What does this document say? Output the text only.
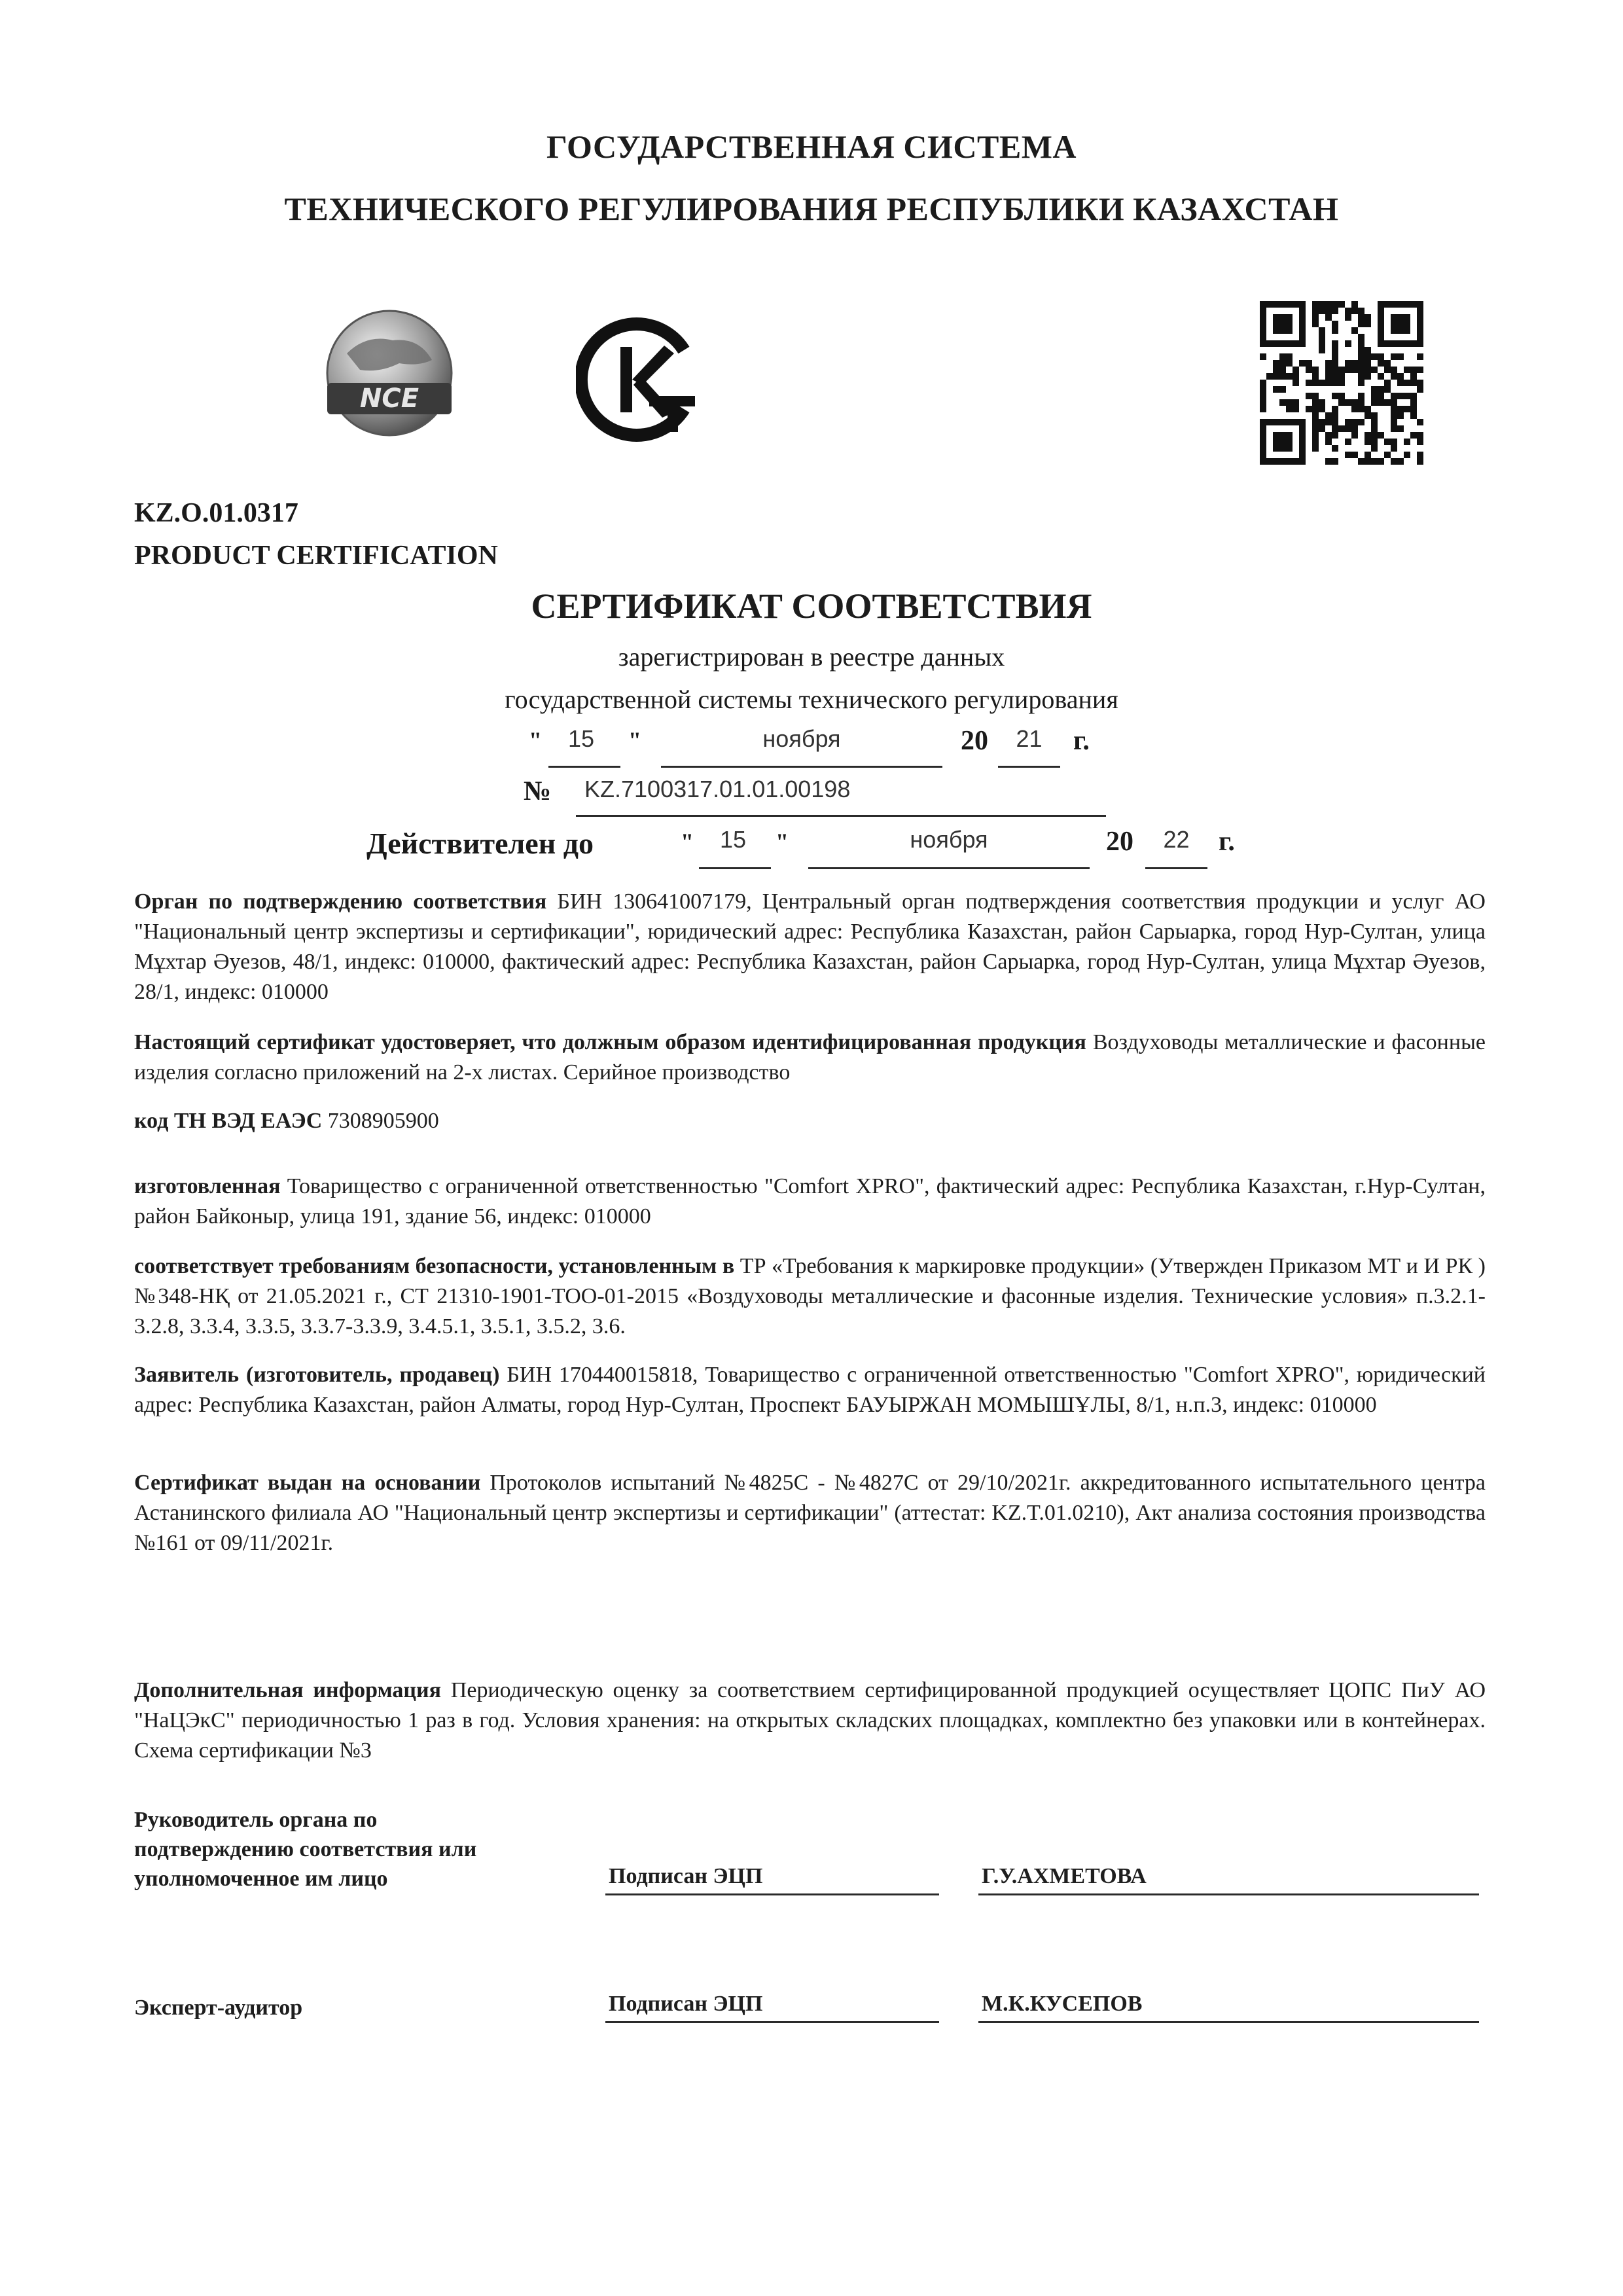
ГОСУДАРСТВЕННАЯ СИСТЕМА
ТЕХНИЧЕСКОГО РЕГУЛИРОВАНИЯ РЕСПУБЛИКИ КАЗАХСТАН
NCE
KZ.O.01.0317
PRODUCT CERTIFICATION
СЕРТИФИКАТ СООТВЕТСТВИЯ
зарегистрирован в реестре данных
государственной системы технического регулирования
"	15	"	ноября	20	21	г.
№ KZ.7100317.01.01.00198
Действителен до	"	15	"	ноября	20	22	г.
Орган по подтверждению соответствия БИН 130641007179, Центральный орган подтверждения соответствия продукции и услуг АО "Национальный центр экспертизы и сертификации", юридический адрес: Республика Казахстан, район Сарыарка, город Нур-Султан, улица Мұхтар Әуезов, 48/1, индекс: 010000, фактический адрес: Республика Казахстан, район Сарыарка, город Нур-Султан, улица Мұхтар Әуезов, 28/1, индекс: 010000
Настоящий сертификат удостоверяет, что должным образом идентифицированная продукция Воздуховоды металлические и фасонные изделия согласно приложений на 2-х листах. Серийное производство
код ТН ВЭД ЕАЭС 7308905900
изготовленная Товарищество с ограниченной ответственностью "Comfort XPRO", фактический адрес: Республика Казахстан, г.Нур-Султан, район Байконыр, улица 191, здание 56, индекс: 010000
соответствует требованиям безопасности, установленным в ТР «Требования к маркировке продукции» (Утвержден Приказом МТ и И РК ) №348-НҚ от 21.05.2021 г., СТ 21310-1901-ТОО-01-2015 «Воздуховоды металлические и фасонные изделия. Технические условия» п.3.2.1-3.2.8, 3.3.4, 3.3.5, 3.3.7-3.3.9, 3.4.5.1, 3.5.1, 3.5.2, 3.6.
Заявитель (изготовитель, продавец) БИН 170440015818, Товарищество с ограниченной ответственностью "Comfort XPRO", юридический адрес: Республика Казахстан, район Алматы, город Нур-Султан, Проспект БАУЫРЖАН МОМЫШҰЛЫ, 8/1, н.п.3, индекс: 010000
Сертификат выдан на основании Протоколов испытаний №4825С - №4827С от 29/10/2021г. аккредитованного испытательного центра Астанинского филиала АО "Национальный центр экспертизы и сертификации" (аттестат: KZ.T.01.0210), Акт анализа состояния производства №161 от 09/11/2021г.
Дополнительная информация Периодическую оценку за соответствием сертифицированной продукцией осуществляет ЦОПС ПиУ АО "НаЦЭкС" периодичностью 1 раз в год. Условия хранения: на открытых складских площадках, комплектно без упаковки или в контейнерах. Схема сертификации №3
Руководитель органа по
подтверждению соответствия или
уполномоченное им лицо	Подписан ЭЦП	Г.У.АХМЕТОВА
Эксперт-аудитор	Подписан ЭЦП	М.К.КУСЕПОВ
